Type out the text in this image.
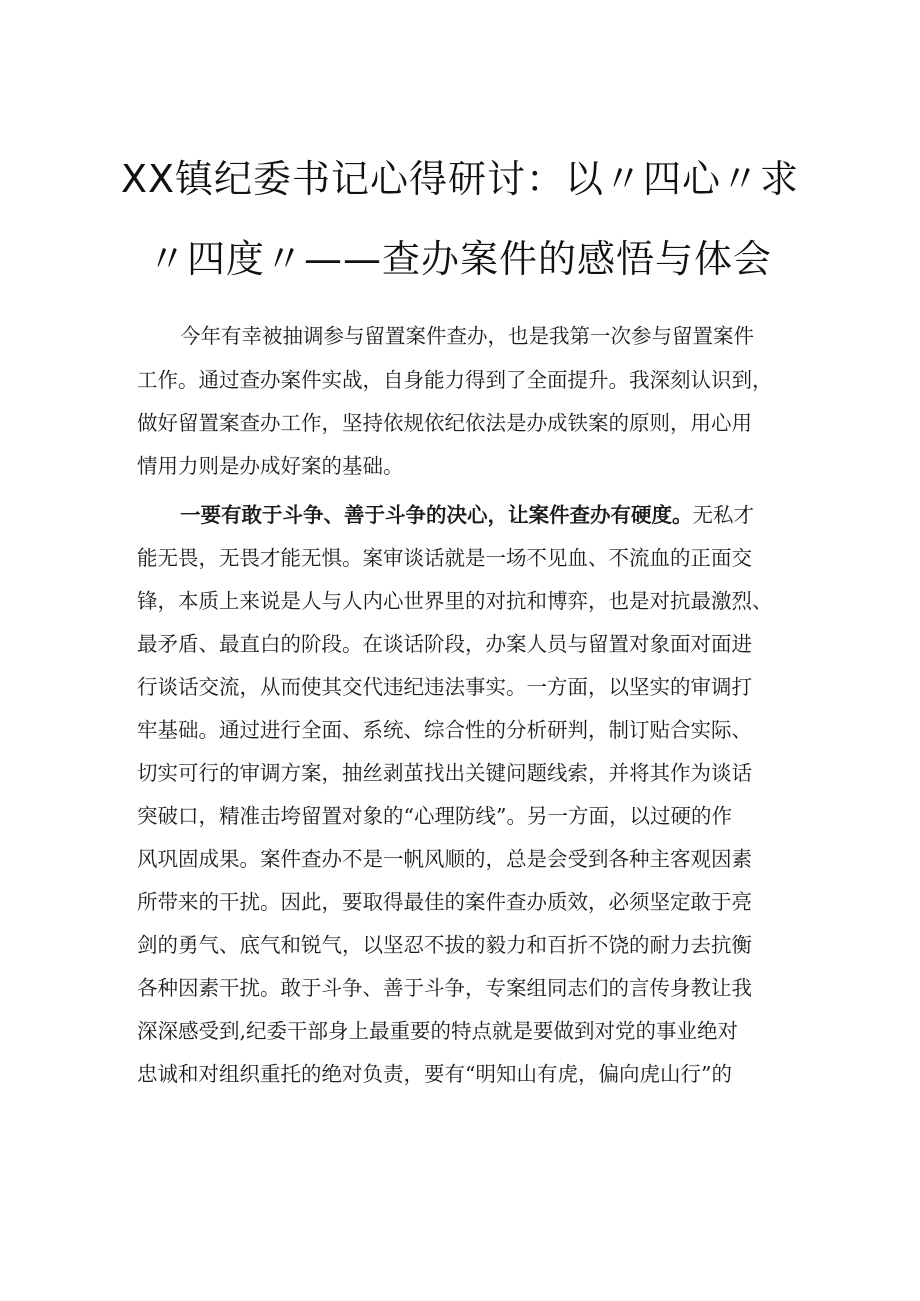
XX镇纪委书记心得研讨：以〃四心〃求
〃四度〃——查办案件的感悟与体会
今年有幸被抽调参与留置案件查办，也是我第一次参与留置案件
工作。通过查办案件实战，自身能力得到了全面提升。我深刻认识到，
做好留置案查办工作，坚持依规依纪依法是办成铁案的原则，用心用
情用力则是办成好案的基础。
一要有敢于斗争、善于斗争的决心，让案件查办有硬度。无私才
能无畏，无畏才能无惧。案审谈话就是一场不见血、不流血的正面交
锋，本质上来说是人与人内心世界里的对抗和博弈，也是对抗最激烈、
最矛盾、最直白的阶段。在谈话阶段，办案人员与留置对象面对面进
行谈话交流，从而使其交代违纪违法事实。一方面，以坚实的审调打
牢基础。通过进行全面、系统、综合性的分析研判，制订贴合实际、
切实可行的审调方案，抽丝剥茧找出关键问题线索，并将其作为谈话
突破口，精准击垮留置对象的“心理防线”。另一方面，以过硬的作
风巩固成果。案件查办不是一帆风顺的，总是会受到各种主客观因素
所带来的干扰。因此，要取得最佳的案件查办质效，必须坚定敢于亮
剑的勇气、底气和锐气，以坚忍不拔的毅力和百折不饶的耐力去抗衡
各种因素干扰。敢于斗争、善于斗争，专案组同志们的言传身教让我
深深感受到,纪委干部身上最重要的特点就是要做到对党的事业绝对
忠诚和对组织重托的绝对负责，要有“明知山有虎，偏向虎山行”的
